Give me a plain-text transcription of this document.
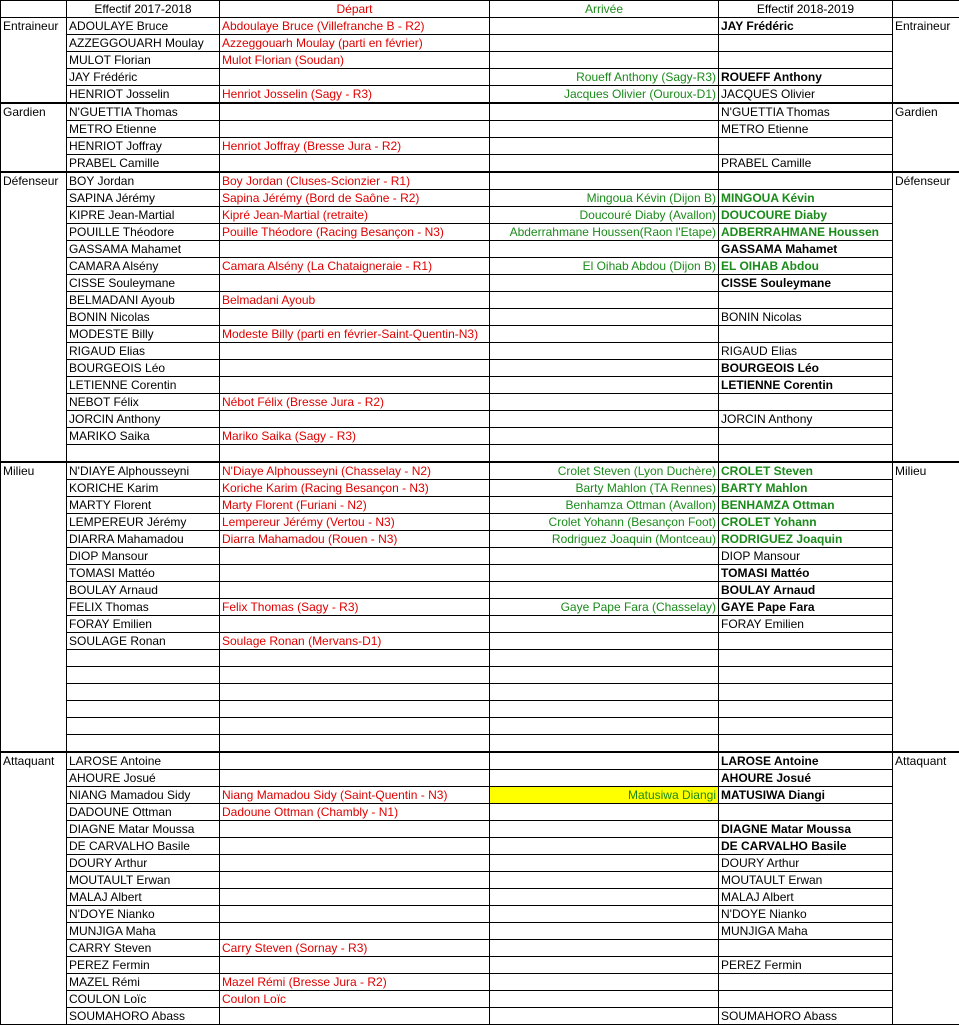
	Effectif 2017-2018	Départ	Arrivée	Effectif 2018-2019	
Entraineur	ADOULAYE Bruce	Abdoulaye Bruce (Villefranche B - R2)		JAY Frédéric	Entraineur
	AZZEGGOUARH Moulay	Azzeggouarh Moulay (parti en février)			
	MULOT Florian	Mulot Florian (Soudan)			
	JAY Frédéric		Roueff Anthony (Sagy-R3)	ROUEFF Anthony	
	HENRIOT Josselin	Henriot Josselin (Sagy - R3)	Jacques Olivier (Ouroux-D1)	JACQUES Olivier	
Gardien	N'GUETTIA Thomas			N'GUETTIA Thomas	Gardien
	METRO Etienne			METRO Etienne	
	HENRIOT Joffray	Henriot Joffray (Bresse Jura - R2)			
	PRABEL Camille			PRABEL Camille	
Défenseur	BOY Jordan	Boy Jordan (Cluses-Scionzier - R1)			Défenseur
	SAPINA Jérémy	Sapina Jérémy (Bord de Saône - R2)	Mingoua Kévin (Dijon B)	MINGOUA Kévin	
	KIPRE Jean-Martial	Kipré Jean-Martial (retraite)	Doucouré Diaby (Avallon)	DOUCOURE Diaby	
	POUILLE Théodore	Pouille Théodore (Racing Besançon - N3)	Abderrahmane Houssen(Raon l'Etape)	ADBERRAHMANE Houssen	
	GASSAMA Mahamet			GASSAMA Mahamet	
	CAMARA Alsény	Camara Alsény (La Chataigneraie - R1)	El Oihab Abdou (Dijon B)	EL OIHAB Abdou	
	CISSE Souleymane			CISSE Souleymane	
	BELMADANI Ayoub	Belmadani Ayoub			
	BONIN Nicolas			BONIN Nicolas	
	MODESTE Billy	Modeste Billy (parti en février-Saint-Quentin-N3)			
	RIGAUD Elias			RIGAUD Elias	
	BOURGEOIS Léo			BOURGEOIS Léo	
	LETIENNE Corentin			LETIENNE Corentin	
	NEBOT Félix	Nébot Félix (Bresse Jura - R2)			
	JORCIN Anthony			JORCIN Anthony	
	MARIKO Saika	Mariko Saika (Sagy - R3)			

Milieu	N'DIAYE Alphousseyni	N'Diaye Alphousseyni (Chasselay - N2)	Crolet Steven (Lyon Duchère)	CROLET Steven	Milieu
	KORICHE Karim	Koriche Karim (Racing Besançon - N3)	Barty Mahlon (TA Rennes)	BARTY Mahlon	
	MARTY Florent	Marty Florent (Furiani - N2)	Benhamza Ottman (Avallon)	BENHAMZA Ottman	
	LEMPEREUR Jérémy	Lempereur Jérémy (Vertou - N3)	Crolet Yohann (Besançon Foot)	CROLET Yohann	
	DIARRA Mahamadou	Diarra Mahamadou (Rouen - N3)	Rodriguez Joaquin (Montceau)	RODRIGUEZ Joaquin	
	DIOP Mansour			DIOP Mansour	
	TOMASI Mattéo			TOMASI Mattéo	
	BOULAY Arnaud			BOULAY Arnaud	
	FELIX Thomas	Felix Thomas (Sagy - R3)	Gaye Pape Fara (Chasselay)	GAYE Pape Fara	
	FORAY Emilien			FORAY Emilien	
	SOULAGE Ronan	Soulage Ronan (Mervans-D1)			

Attaquant	LAROSE Antoine			LAROSE Antoine	Attaquant
	AHOURE Josué			AHOURE Josué	
	NIANG Mamadou Sidy	Niang Mamadou Sidy (Saint-Quentin - N3)	Matusiwa Diangi	MATUSIWA Diangi	
	DADOUNE Ottman	Dadoune Ottman (Chambly - N1)			
	DIAGNE Matar Moussa			DIAGNE Matar Moussa	
	DE CARVALHO Basile			DE CARVALHO Basile	
	DOURY Arthur			DOURY Arthur	
	MOUTAULT Erwan			MOUTAULT Erwan	
	MALAJ Albert			MALAJ Albert	
	N'DOYE Nianko			N'DOYE Nianko	
	MUNJIGA Maha			MUNJIGA Maha	
	CARRY Steven	Carry Steven (Sornay - R3)			
	PEREZ Fermin			PEREZ Fermin	
	MAZEL Rémi	Mazel Rémi (Bresse Jura - R2)			
	COULON Loïc	Coulon Loïc			
	SOUMAHORO Abass			SOUMAHORO Abass	
